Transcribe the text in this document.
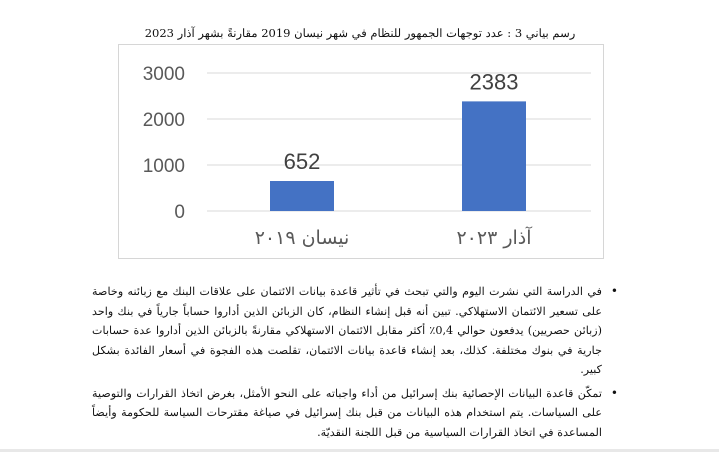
رسم بياني 3 : عدد توجهات الجمهور للنظام في شهر نيسان 2019 مقارنةً بشهر آذار 2023
0
1000
2000
3000
652
نيسان ٢٠١٩
2383
آذار ٢٠٢٣
• في الدراسة التي نشرت اليوم والتي تبحث في تأثير قاعدة بيانات الائتمان على علاقات البنك مع زبائنه وخاصة على تسعير الائتمان الاستهلاكي. تبين أنه قبل إنشاء النظام، كان الزبائن الذين أداروا حساباً جارياً في بنك واحد (زبائن حصريين) يدفعون حوالي 0,4٪ أكثر مقابل الائتمان الاستهلاكي مقارنةً بالزبائن الذين أداروا عدة حسابات جارية في بنوك مختلفة. كذلك، بعد إنشاء قاعدة بيانات الائتمان، تقلصت هذه الفجوة في أسعار الفائدة بشكل كبير.
• تمكّن قاعدة البيانات الإحصائية بنك إسرائيل من أداء واجباته على النحو الأمثل، بغرض اتخاذ القرارات والتوصية على السياسات. يتم استخدام هذه البيانات من قبل بنك إسرائيل في صياغة مقترحات السياسة للحكومة وأيضاً المساعدة في اتخاذ القرارات السياسية من قبل اللجنة النقديّة.
